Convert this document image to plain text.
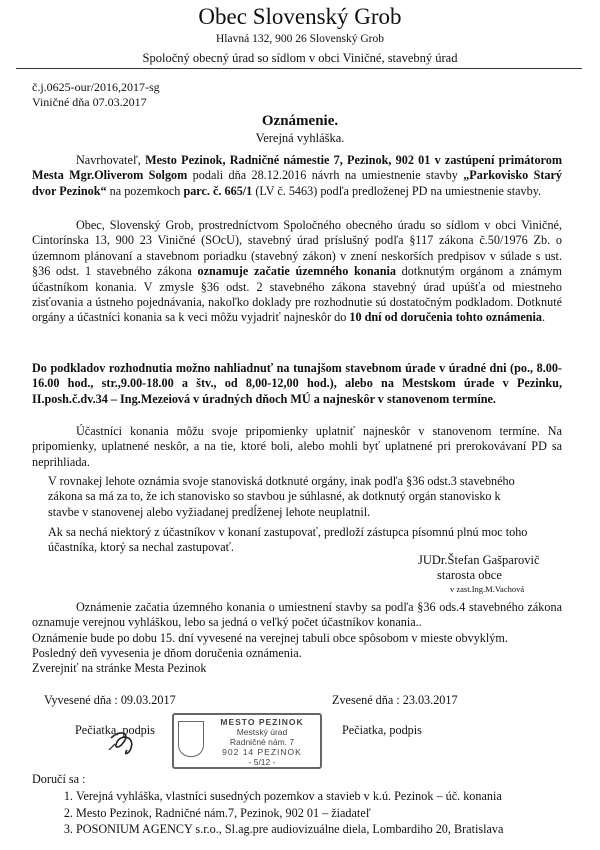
Obec Slovenský Grob
Hlavná 132, 900 26 Slovenský Grob
Spoločný obecný úrad so sídlom v obci Viničné, stavebný úrad
č.j.0625-our/2016,2017-sg
Viničné dňa 07.03.2017
Oznámenie.
Verejná vyhláška.
Navrhovateľ, Mesto Pezinok, Radničné námestie 7, Pezinok, 902 01 v zastúpení primátorom Mesta Mgr.Oliverom Solgom podali dňa 28.12.2016 návrh na umiestnenie stavby „Parkovisko Starý dvor Pezinok“ na pozemkoch parc. č. 665/1 (LV č. 5463) podľa predloženej PD na umiestnenie stavby.
Obec, Slovenský Grob, prostredníctvom Spoločného obecného úradu so sídlom v obci Viničné, Cintorínska 13, 900 23 Viničné (SOcU), stavebný úrad príslušný podľa §117 zákona č.50/1976 Zb. o územnom plánovaní a stavebnom poriadku (stavebný zákon) v znení neskorších predpisov v súlade s ust. §36 odst. 1 stavebného zákona oznamuje začatie územného konania dotknutým orgánom a známym účastníkom konania. V zmysle §36 odst. 2 stavebného zákona stavebný úrad upúšťa od miestneho zisťovania a ústneho pojednávania, nakoľko doklady pre rozhodnutie sú dostatočným podkladom. Dotknuté orgány a účastníci konania sa k veci môžu vyjadriť najneskôr do 10 dní od doručenia tohto oznámenia.
Do podkladov rozhodnutia možno nahliadnuť na tunajšom stavebnom úrade v úradné dni (po., 8.00-16.00 hod., str.,9.00-18.00 a štv., od 8,00-12,00 hod.), alebo na Mestskom úrade v Pezinku, II.posh.č.dv.34 – Ing.Mezeiová v úradných dňoch MÚ a najneskôr v stanovenom termíne.
Účastníci konania môžu svoje pripomienky uplatniť najneskôr v stanovenom termíne. Na pripomienky, uplatnené neskôr, a na tie, ktoré boli, alebo mohli byť uplatnené pri prerokovávaní PD sa neprihliada.
V rovnakej lehote oznámia svoje stanoviská dotknuté orgány, inak podľa §36 odst.3 stavebného zákona sa má za to, že ich stanovisko so stavbou je súhlasné, ak dotknutý orgán stanovisko k stavbe v stanovenej alebo vyžiadanej predĺženej lehote neuplatnil.
Ak sa nechá niektorý z účastníkov v konaní zastupovať, predloží zástupca písomnú plnú moc toho účastníka, ktorý sa nechal zastupovať.
JUDr.Štefan Gašparovič
starosta obce
v zast.Ing.M.Vachová
Oznámenie začatia územného konania o umiestnení stavby sa podľa §36 ods.4 stavebného zákona oznamuje verejnou vyhláškou, lebo sa jedná o veľký počet účastníkov konania..
Oznámenie bude po dobu 15. dní vyvesené na verejnej tabuli obce spôsobom v mieste obvyklým.
Posledný deň vyvesenia je dňom doručenia oznámenia.
Zverejniť na stránke Mesta Pezinok
Vyvesené dňa : 09.03.2017	Zvesené dňa : 23.03.2017
Pečiatka, podpis	Pečiatka, podpis
MESTO PEZINOK
Mestský úrad
Radničné nám. 7
902 14 PEZINOK
- 5/12 -
Doručí sa :
1. Verejná vyhláška, vlastníci susedných pozemkov a stavieb v k.ú. Pezinok – úč. konania
2. Mesto Pezinok, Radničné nám.7, Pezinok, 902 01 – žiadateľ
3. POSONIUM AGENCY s.r.o., Sl.ag.pre audiovizuálne diela, Lombardiho 20, Bratislava
